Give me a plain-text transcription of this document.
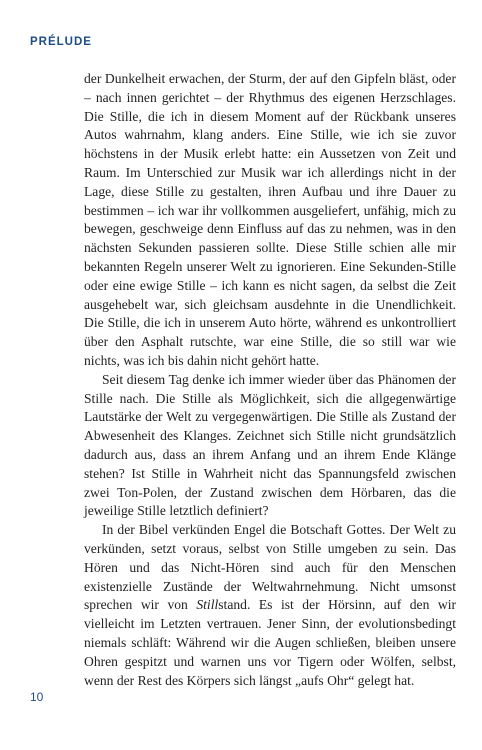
PRÉLUDE

der Dunkelheit erwachen, der Sturm, der auf den Gipfeln bläst, oder – nach innen gerichtet – der Rhythmus des eigenen Herzschlages. Die Stille, die ich in diesem Moment auf der Rückbank unseres Autos wahrnahm, klang anders. Eine Stille, wie ich sie zuvor höchstens in der Musik erlebt hatte: ein Aussetzen von Zeit und Raum. Im Unterschied zur Musik war ich allerdings nicht in der Lage, diese Stille zu gestalten, ihren Aufbau und ihre Dauer zu bestimmen – ich war ihr vollkommen ausgeliefert, unfähig, mich zu bewegen, geschweige denn Einfluss auf das zu nehmen, was in den nächsten Sekunden passieren sollte. Diese Stille schien alle mir bekannten Regeln unserer Welt zu ignorieren. Eine Sekunden-Stille oder eine ewige Stille – ich kann es nicht sagen, da selbst die Zeit ausgehebelt war, sich gleichsam ausdehnte in die Unendlichkeit. Die Stille, die ich in unserem Auto hörte, während es unkontrolliert über den Asphalt rutschte, war eine Stille, die so still war wie nichts, was ich bis dahin nicht gehört hatte.

Seit diesem Tag denke ich immer wieder über das Phänomen der Stille nach. Die Stille als Möglichkeit, sich die allgegenwärtige Lautstärke der Welt zu vergegenwärtigen. Die Stille als Zustand der Abwesenheit des Klanges. Zeichnet sich Stille nicht grundsätzlich dadurch aus, dass an ihrem Anfang und an ihrem Ende Klänge stehen? Ist Stille in Wahrheit nicht das Spannungsfeld zwischen zwei Ton-Polen, der Zustand zwischen dem Hörbaren, das die jeweilige Stille letztlich definiert?

In der Bibel verkünden Engel die Botschaft Gottes. Der Welt zu verkünden, setzt voraus, selbst von Stille umgeben zu sein. Das Hören und das Nicht-Hören sind auch für den Menschen existenzielle Zustände der Weltwahrnehmung. Nicht umsonst sprechen wir von Stillstand. Es ist der Hörsinn, auf den wir vielleicht im Letzten vertrauen. Jener Sinn, der evolutionsbedingt niemals schläft: Während wir die Augen schließen, bleiben unsere Ohren gespitzt und warnen uns vor Tigern oder Wölfen, selbst, wenn der Rest des Körpers sich längst „aufs Ohr“ gelegt hat.

10
